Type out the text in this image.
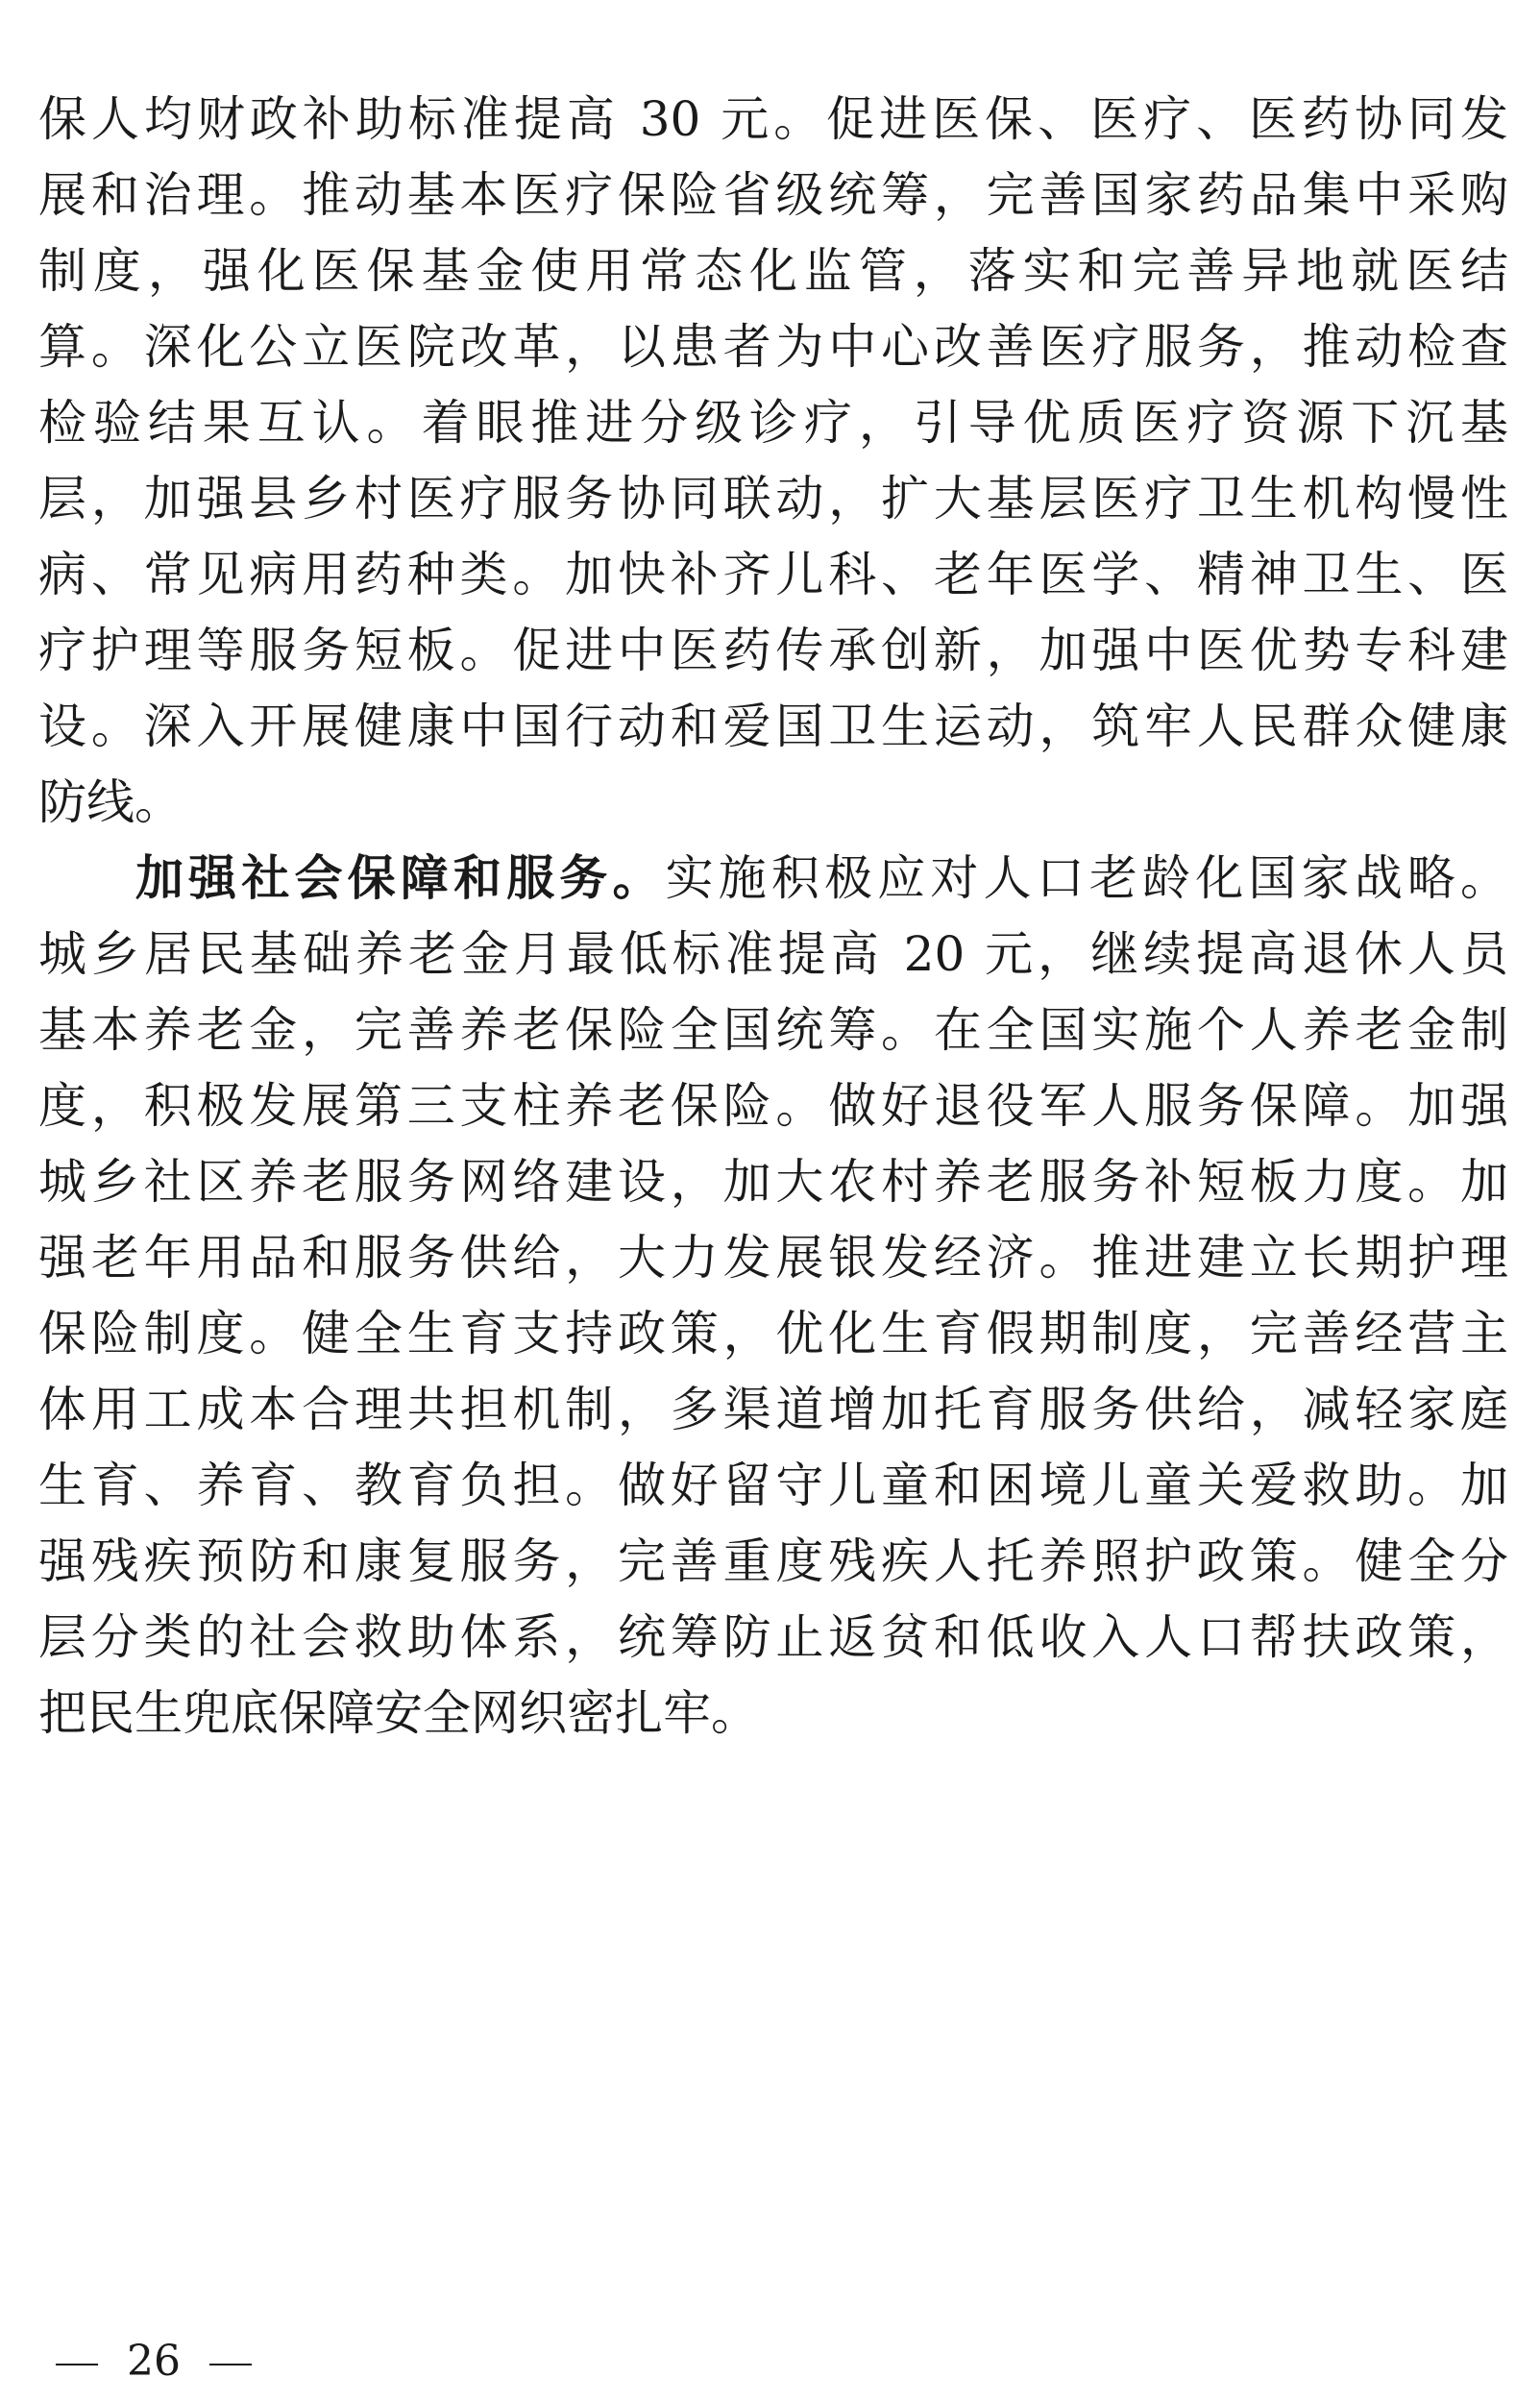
保人均财政补助标准提高 30 元。促进医保、医疗、医药协同发
展和治理。推动基本医疗保险省级统筹，完善国家药品集中采购
制度，强化医保基金使用常态化监管，落实和完善异地就医结
算。深化公立医院改革，以患者为中心改善医疗服务，推动检查
检验结果互认。着眼推进分级诊疗，引导优质医疗资源下沉基
层，加强县乡村医疗服务协同联动，扩大基层医疗卫生机构慢性
病、常见病用药种类。加快补齐儿科、老年医学、精神卫生、医
疗护理等服务短板。促进中医药传承创新，加强中医优势专科建
设。深入开展健康中国行动和爱国卫生运动，筑牢人民群众健康
防线。
加强社会保障和服务。实施积极应对人口老龄化国家战略。
城乡居民基础养老金月最低标准提高 20 元，继续提高退休人员
基本养老金，完善养老保险全国统筹。在全国实施个人养老金制
度，积极发展第三支柱养老保险。做好退役军人服务保障。加强
城乡社区养老服务网络建设，加大农村养老服务补短板力度。加
强老年用品和服务供给，大力发展银发经济。推进建立长期护理
保险制度。健全生育支持政策，优化生育假期制度，完善经营主
体用工成本合理共担机制，多渠道增加托育服务供给，减轻家庭
生育、养育、教育负担。做好留守儿童和困境儿童关爱救助。加
强残疾预防和康复服务，完善重度残疾人托养照护政策。健全分
层分类的社会救助体系，统筹防止返贫和低收入人口帮扶政策，
把民生兜底保障安全网织密扎牢。
26
